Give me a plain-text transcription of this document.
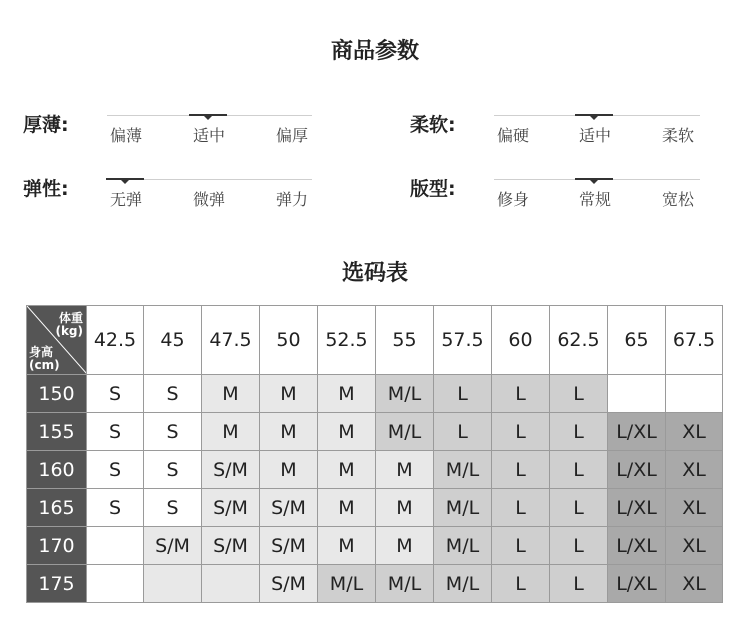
商品参数
厚薄:	偏薄	适中	偏厚	柔软:	偏硬	适中	柔软
弹性:	无弹	微弹	弹力	版型:	修身	常规	宽松
选码表
体重
(kg)
身高
(cm)	42.5	45	47.5	50	52.5	55	57.5	60	62.5	65	67.5
150	S	S	M	M	M	M/L	L	L	L		
155	S	S	M	M	M	M/L	L	L	L	L/XL	XL
160	S	S	S/M	M	M	M	M/L	L	L	L/XL	XL
165	S	S	S/M	S/M	M	M	M/L	L	L	L/XL	XL
170		S/M	S/M	S/M	M	M	M/L	L	L	L/XL	XL
175				S/M	M/L	M/L	M/L	L	L	L/XL	XL
